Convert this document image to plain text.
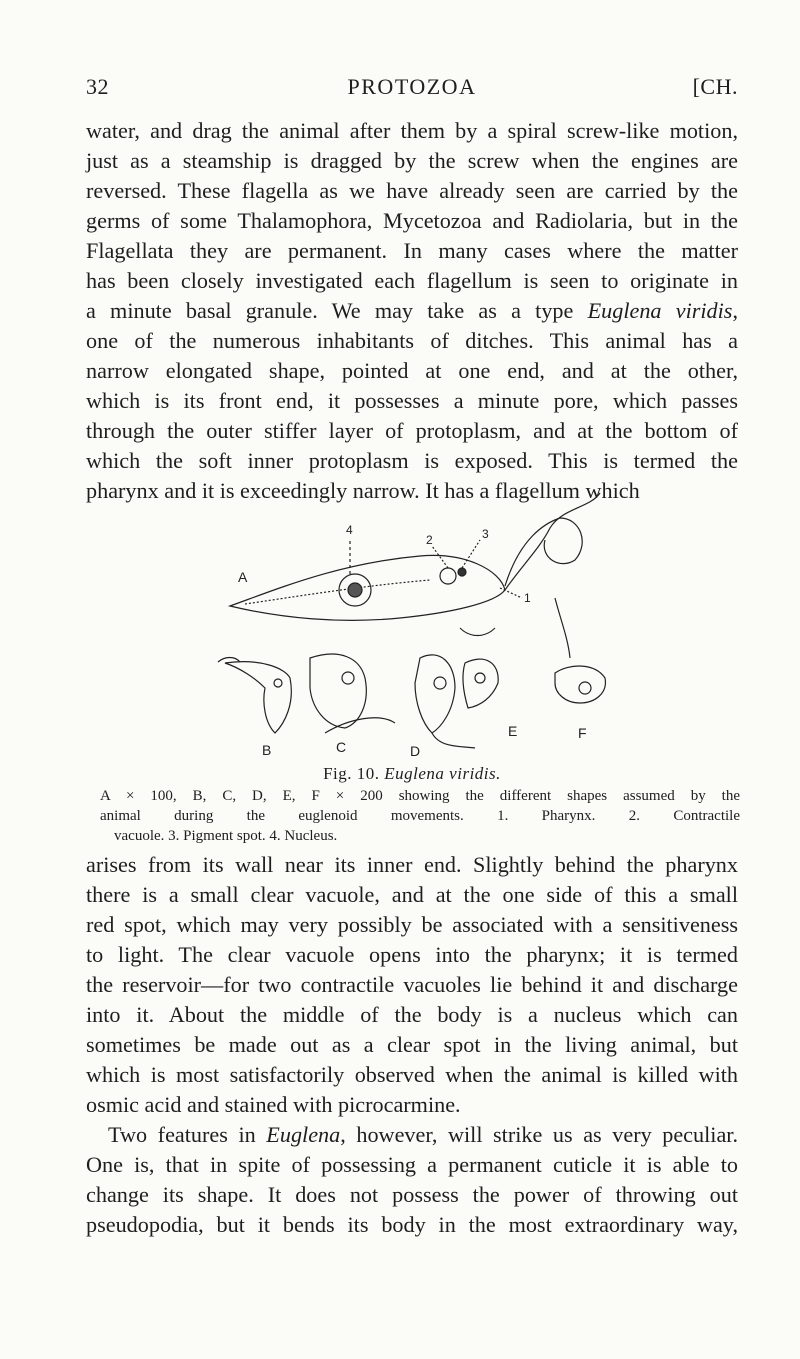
32	PROTOZOA	[CH.

water, and drag the animal after them by a spiral screw-like motion,
just as a steamship is dragged by the screw when the engines are
reversed. These flagella as we have already seen are carried by the
germs of some Thalamophora, Mycetozoa and Radiolaria, but in the
Flagellata they are permanent. In many cases where the matter
has been closely investigated each flagellum is seen to originate in
a minute basal granule. We may take as a type Euglena viridis,
one of the numerous inhabitants of ditches. This animal has a
narrow elongated shape, pointed at one end, and at the other,
which is its front end, it possesses a minute pore, which passes
through the outer stiffer layer of protoplasm, and at the bottom of
which the soft inner protoplasm is exposed. This is termed the
pharynx and it is exceedingly narrow. It has a flagellum which

A
B	C	D
E	F
4
2	3
1
Fig. 10. Euglena viridis.

A × 100, B, C, D, E, F × 200 showing the different shapes assumed by the
animal during the euglenoid movements. 1. Pharynx. 2. Contractile
vacuole. 3. Pigment spot. 4. Nucleus.

arises from its wall near its inner end. Slightly behind the pharynx
there is a small clear vacuole, and at the one side of this a small
red spot, which may very possibly be associated with a sensitiveness
to light. The clear vacuole opens into the pharynx; it is termed
the reservoir—for two contractile vacuoles lie behind it and discharge
into it. About the middle of the body is a nucleus which can
sometimes be made out as a clear spot in the living animal, but
which is most satisfactorily observed when the animal is killed with
osmic acid and stained with picrocarmine.

Two features in Euglena, however, will strike us as very peculiar.
One is, that in spite of possessing a permanent cuticle it is able to
change its shape. It does not possess the power of throwing out
pseudopodia, but it bends its body in the most extraordinary way,
